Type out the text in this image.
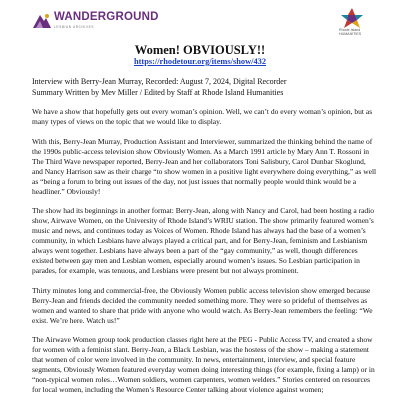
WANDERGROUND
LESBIAN ARCHIVES
Rhode Island
HUMANITIES
Women! OBVIOUSLY!!
https://rhodetour.org/items/show/432
Interview with Berry-Jean Murray, Recorded: August 7, 2024, Digital Recorder
Summary Written by Mev Miller / Edited by Staff at Rhode Island Humanities

We have a show that hopefully gets out every woman’s opinion. Well, we can’t do every woman’s opinion, but as many types of views on the topic that we would like to display.

With this, Berry-Jean Murray, Production Assistant and Interviewer, summarized the thinking behind the name of the 1990s public-access television show Obviously Women. As a March 1991 article by Mary Ann T. Rossoni in The Third Wave newspaper reported, Berry-Jean and her collaborators Toni Salisbury, Carol Dunbar Skoglund, and Nancy Harrison saw as their charge “to show women in a positive light everywhere doing everything,” as well as “being a forum to bring out issues of the day, not just issues that normally people would think would be a headliner.” Obviously!

The show had its beginnings in another format: Berry-Jean, along with Nancy and Carol, had been hosting a radio show, Airwave Women, on the University of Rhode Island’s WRIU station. The show primarily featured women’s music and news, and continues today as Voices of Women. Rhode Island has always had the base of a women’s community, in which Lesbians have always played a critical part, and for Berry-Jean, feminism and Lesbianism always went together. Lesbians have always been a part of the “gay community,” as well, though differences existed between gay men and Lesbian women, especially around women’s issues. So Lesbian participation in parades, for example, was tenuous, and Lesbians were present but not always prominent.

Thirty minutes long and commercial-free, the Obviously Women public access television show emerged because Berry-Jean and friends decided the community needed something more. They were so prideful of themselves as women and wanted to share that pride with anyone who would watch. As Berry-Jean remembers the feeling: “We exist. We’re here. Watch us!”

The Airwave Women group took production classes right here at the PEG - Public Access TV, and created a show for women with a feminist slant. Berry-Jean, a Black Lesbian, was the hostess of the show – making a statement that women of color were involved in the community. In news, entertainment, interview, and special feature segments, Obviously Women featured everyday women doing interesting things (for example, fixing a lamp) or in “non-typical women roles…Women soldiers, women carpenters, women welders.” Stories centered on resources for local women, including the Women’s Resource Center talking about violence against women;
